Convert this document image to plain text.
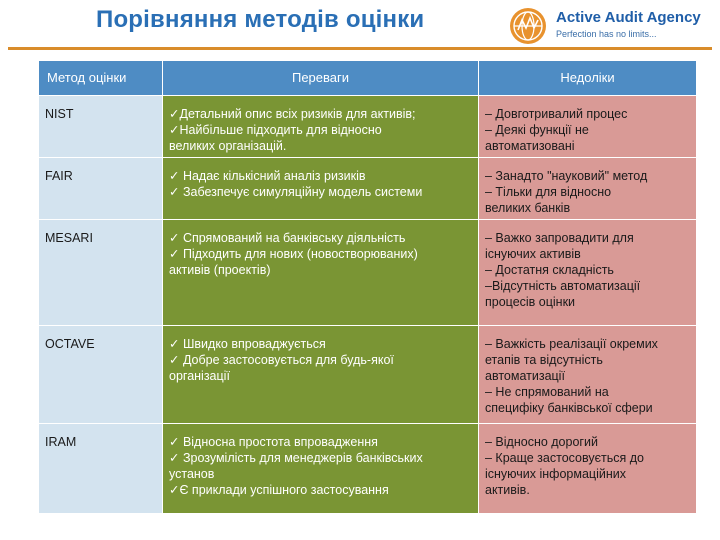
Порівняння методів оцінки	Active Audit Agency
Perfection has no limits...
Метод оцінки	Переваги	Недоліки
NIST	✓Детальний опис всіх ризиків для активів;
✓Найбільше підходить для відносно
великих організацій.	– Довготривалий процес
– Деякі функції не
автоматизовані

FAIR	✓ Надає кількісний аналіз ризиків
✓ Забезпечує симуляційну модель системи	– Занадто "науковий" метод
– Тільки для відносно
великих банків

MESARI	✓ Спрямований на банківську діяльність
✓ Підходить для нових (новостворюваних)
активів (проектів)	– Важко запровадити для
існуючих активів
– Достатня складність
–Відсутність автоматизації
процесів оцінки

OCTAVE	✓ Швидко впроваджується
✓ Добре застосовується для будь-якої
організації	– Важкість реалізації окремих
етапів та відсутність
автоматизації
– Не спрямований на
специфіку банківської сфери

IRAM	✓ Відносна простота впровадження
✓ Зрозумілість для менеджерів банківських
установ
✓Є приклади успішного застосування	– Відносно дорогий
– Краще застосовується до
існуючих інформаційних
активів.
